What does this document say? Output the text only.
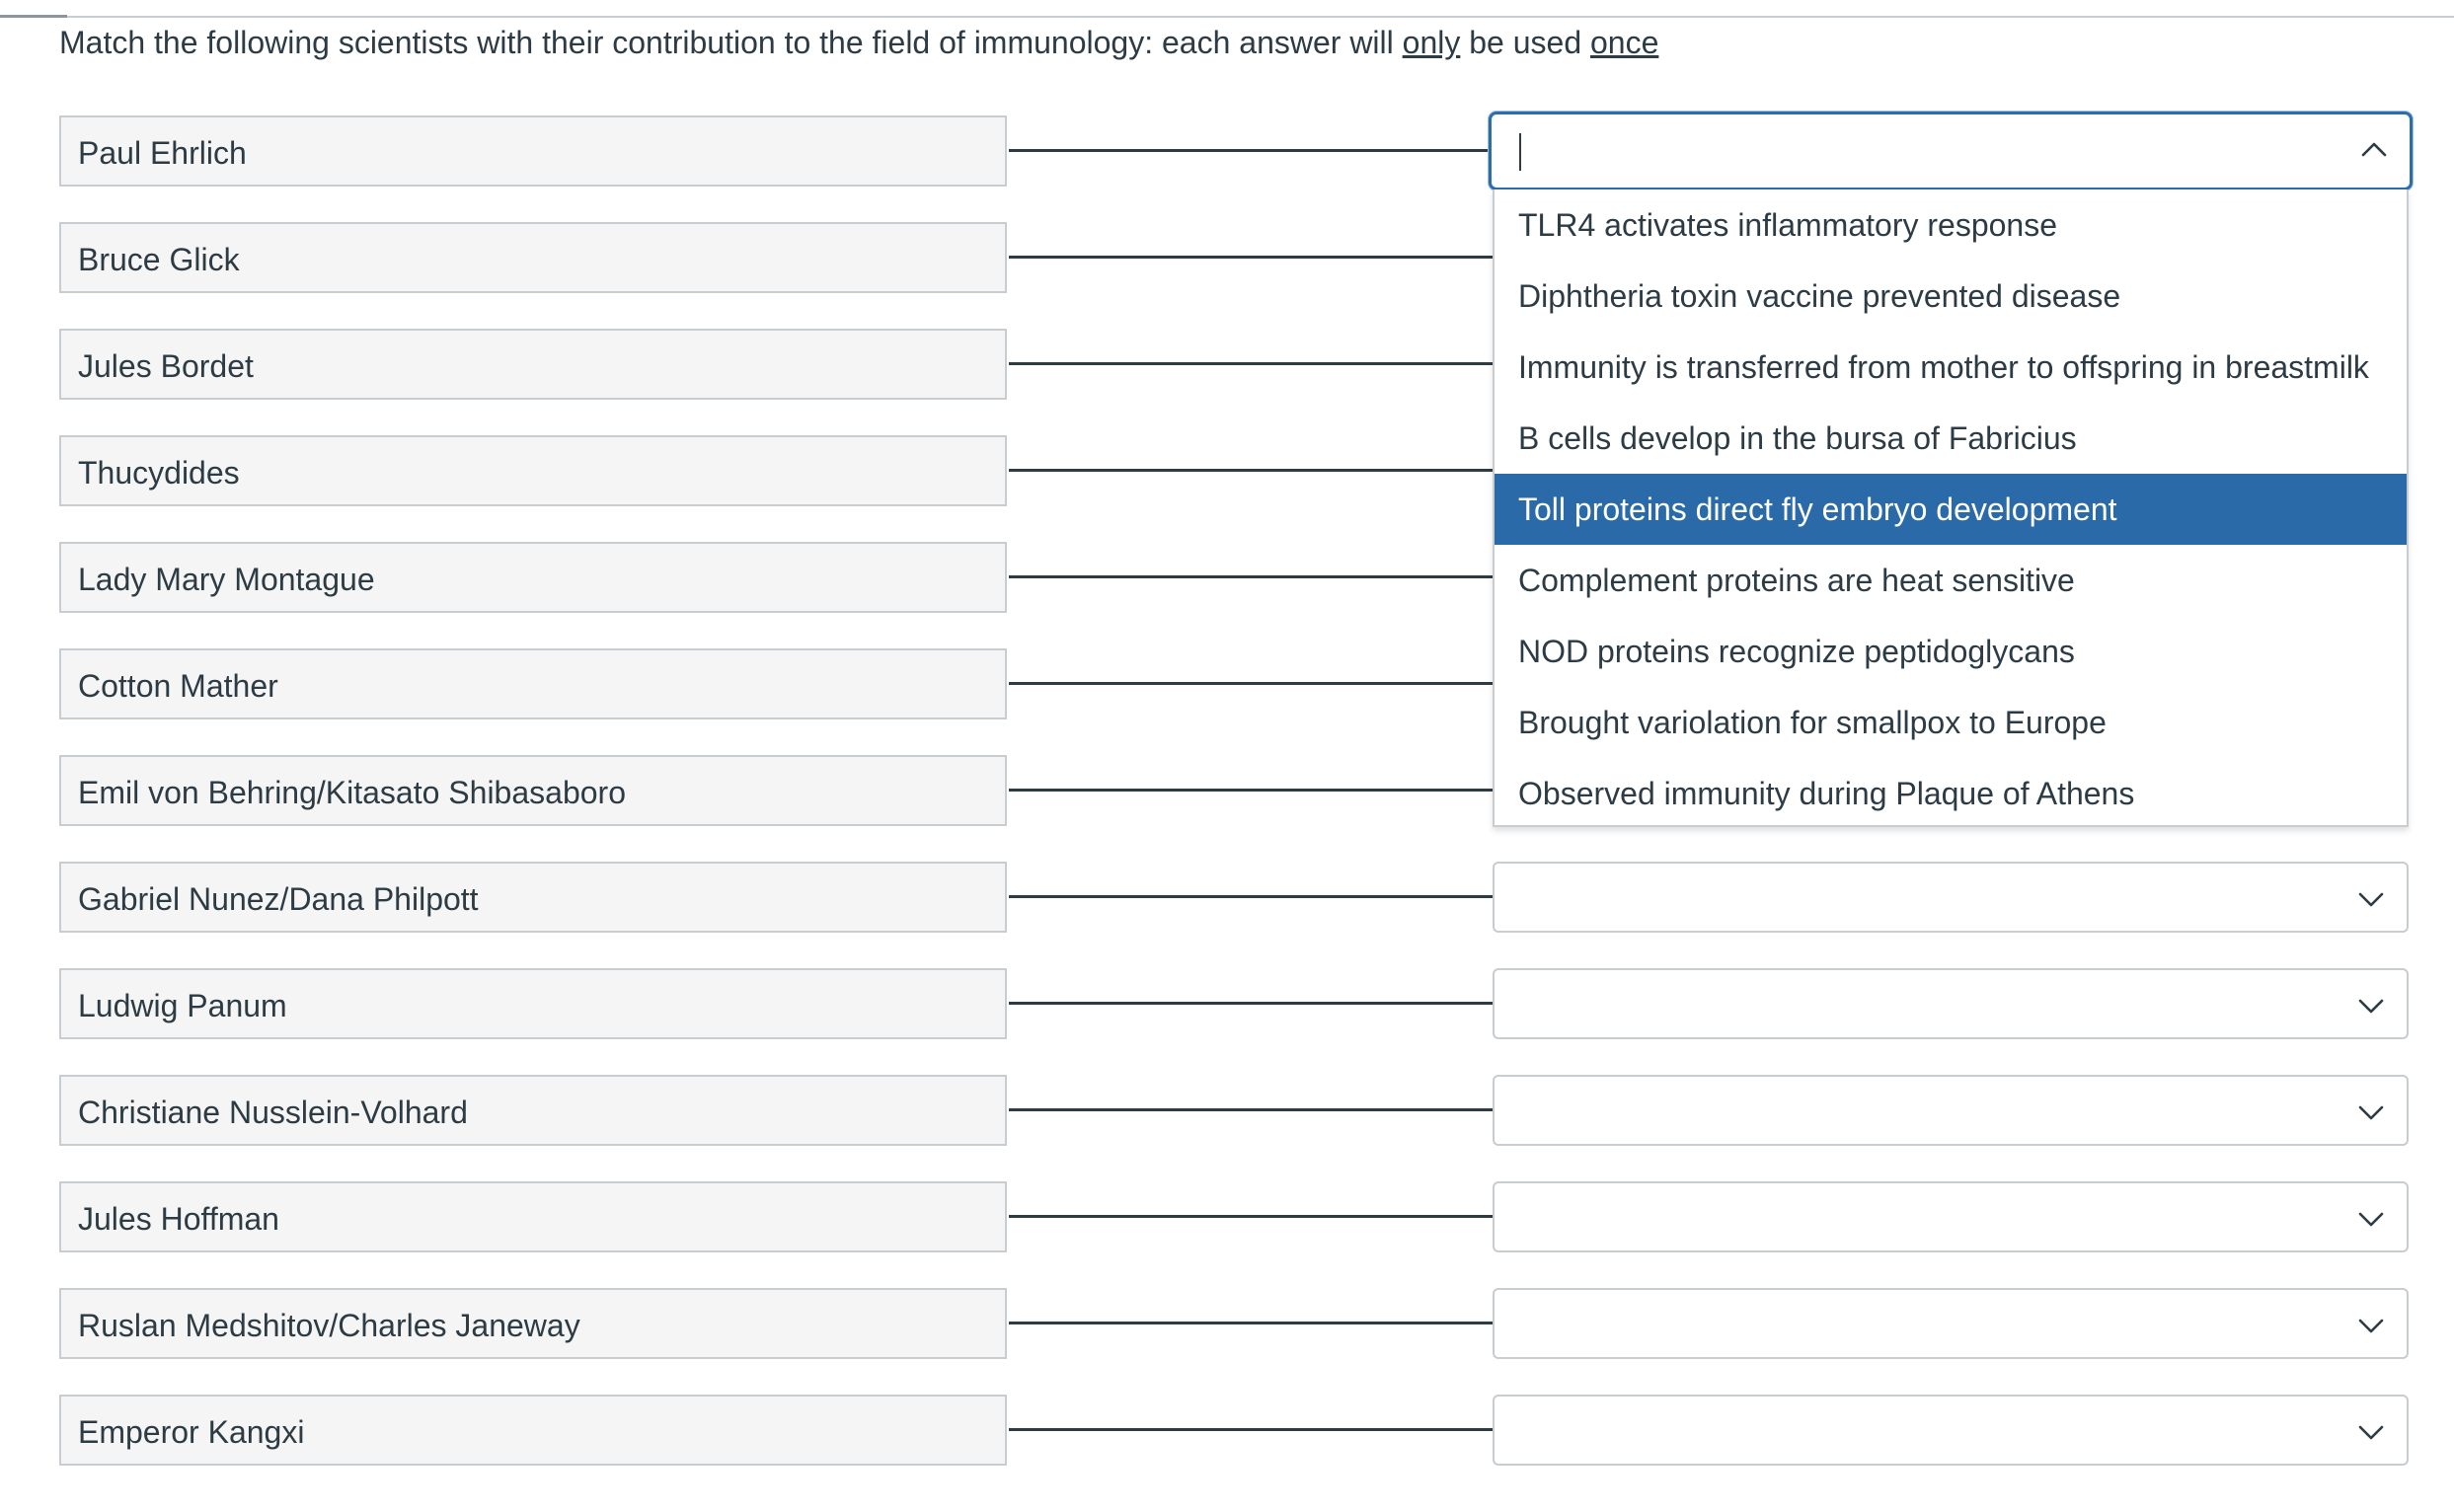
Match the following scientists with their contribution to the field of immunology: each answer will only be used once
Paul Ehrlich
Bruce Glick
Jules Bordet
Thucydides
Lady Mary Montague
Cotton Mather
Emil von Behring/Kitasato Shibasaboro
Gabriel Nunez/Dana Philpott
Ludwig Panum
Christiane Nusslein-Volhard
Jules Hoffman
Ruslan Medshitov/Charles Janeway
Emperor Kangxi
TLR4 activates inflammatory response
Diphtheria toxin vaccine prevented disease
Immunity is transferred from mother to offspring in breastmilk
B cells develop in the bursa of Fabricius
Toll proteins direct fly embryo development
Complement proteins are heat sensitive
NOD proteins recognize peptidoglycans
Brought variolation for smallpox to Europe
Observed immunity during Plaque of Athens
